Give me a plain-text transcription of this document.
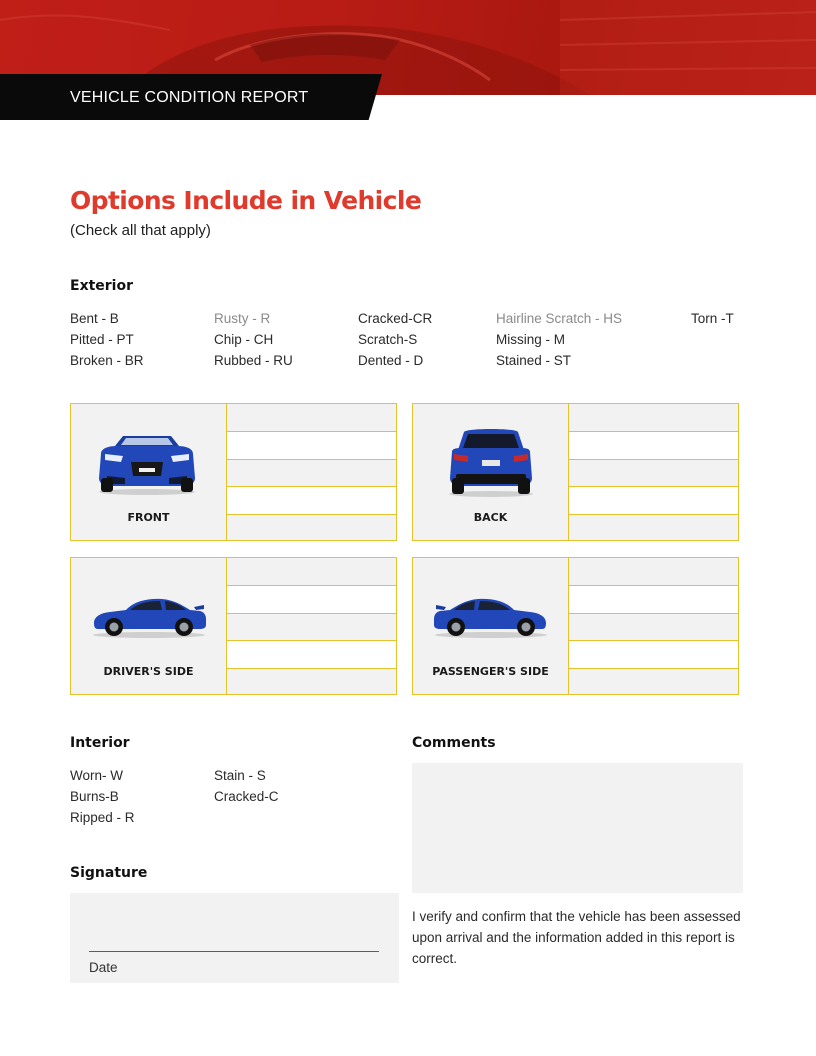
VEHICLE CONDITION REPORT
Options Include in Vehicle
(Check all that apply)
Exterior
Bent - B
Pitted - PT
Broken - BR
Rusty - R
Chip - CH
Rubbed - RU
Cracked-CR
Scratch-S
Dented - D
Hairline Scratch - HS
Missing - M
Stained - ST
Torn -T
FRONT	BACK
DRIVER'S SIDE	PASSENGER'S SIDE
Interior
Worn- W
Burns-B
Ripped - R
Stain - S
Cracked-C
Comments
Signature
Date
I verify and confirm that the vehicle has been assessed upon arrival and the information added in this report is correct.
